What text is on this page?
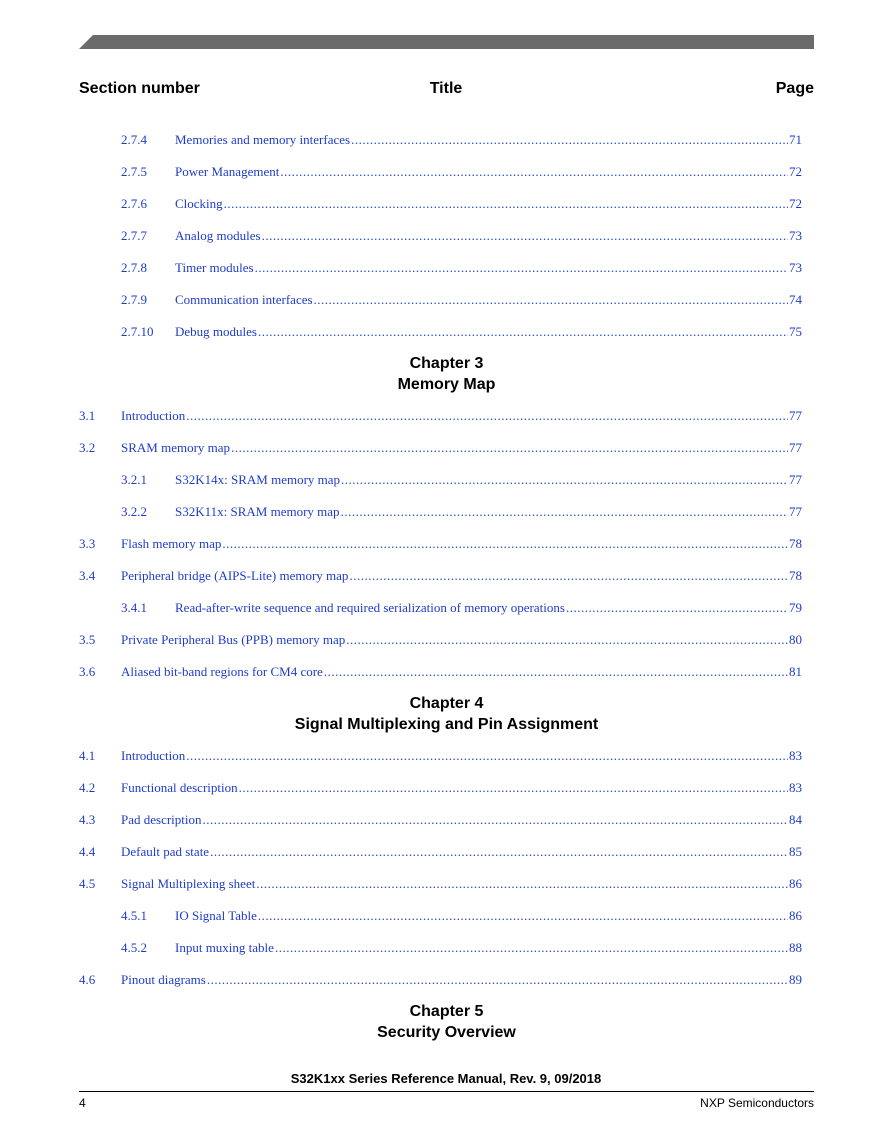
Section number	Title	Page
2.7.4 Memories and memory interfaces .....	71
2.7.5 Power Management .....	72
2.7.6 Clocking .....	72
2.7.7 Analog modules .....	73
2.7.8 Timer modules .....	73
2.7.9 Communication interfaces .....	74
2.7.10 Debug modules .....	75
Chapter 3
Memory Map
3.1 Introduction .....	77
3.2 SRAM memory map .....	77
3.2.1 S32K14x: SRAM memory map .....	77
3.2.2 S32K11x: SRAM memory map .....	77
3.3 Flash memory map .....	78
3.4 Peripheral bridge (AIPS-Lite) memory map .....	78
3.4.1 Read-after-write sequence and required serialization of memory operations .....	79
3.5 Private Peripheral Bus (PPB) memory map .....	80
3.6 Aliased bit-band regions for CM4 core .....	81
Chapter 4
Signal Multiplexing and Pin Assignment
4.1 Introduction .....	83
4.2 Functional description .....	83
4.3 Pad description .....	84
4.4 Default pad state .....	85
4.5 Signal Multiplexing sheet .....	86
4.5.1 IO Signal Table .....	86
4.5.2 Input muxing table .....	88
4.6 Pinout diagrams .....	89
Chapter 5
Security Overview
S32K1xx Series Reference Manual, Rev. 9, 09/2018
4	NXP Semiconductors
